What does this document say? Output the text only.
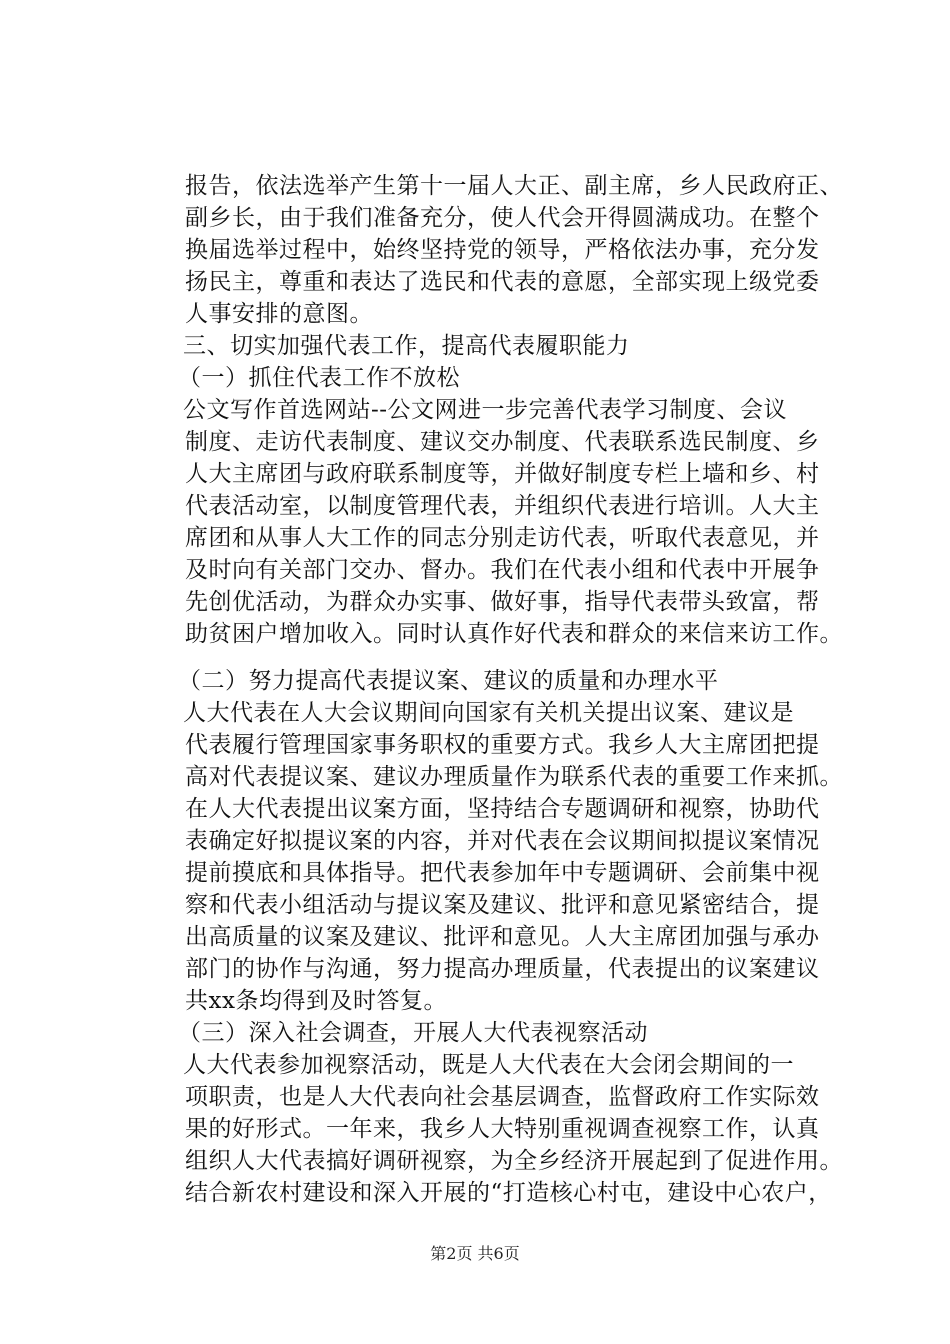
报告，依法选举产生第十一届人大正、副主席，乡人民政府正、
副乡长，由于我们准备充分，使人代会开得圆满成功。在整个
换届选举过程中，始终坚持党的领导，严格依法办事，充分发
扬民主，尊重和表达了选民和代表的意愿，全部实现上级党委
人事安排的意图。
三、切实加强代表工作，提高代表履职能力
（一）抓住代表工作不放松
公文写作首选网站--公文网进一步完善代表学习制度、会议
制度、走访代表制度、建议交办制度、代表联系选民制度、乡
人大主席团与政府联系制度等，并做好制度专栏上墙和乡、村
代表活动室，以制度管理代表，并组织代表进行培训。人大主
席团和从事人大工作的同志分别走访代表，听取代表意见，并
及时向有关部门交办、督办。我们在代表小组和代表中开展争
先创优活动，为群众办实事、做好事，指导代表带头致富，帮
助贫困户增加收入。同时认真作好代表和群众的来信来访工作。
（二）努力提高代表提议案、建议的质量和办理水平
人大代表在人大会议期间向国家有关机关提出议案、建议是
代表履行管理国家事务职权的重要方式。我乡人大主席团把提
高对代表提议案、建议办理质量作为联系代表的重要工作来抓。
在人大代表提出议案方面，坚持结合专题调研和视察，协助代
表确定好拟提议案的内容，并对代表在会议期间拟提议案情况
提前摸底和具体指导。把代表参加年中专题调研、会前集中视
察和代表小组活动与提议案及建议、批评和意见紧密结合，提
出高质量的议案及建议、批评和意见。人大主席团加强与承办
部门的协作与沟通，努力提高办理质量，代表提出的议案建议
共xx条均得到及时答复。
（三）深入社会调查，开展人大代表视察活动
人大代表参加视察活动，既是人大代表在大会闭会期间的一
项职责，也是人大代表向社会基层调查，监督政府工作实际效
果的好形式。一年来，我乡人大特别重视调查视察工作，认真
组织人大代表搞好调研视察，为全乡经济开展起到了促进作用。
结合新农村建设和深入开展的“打造核心村屯，建设中心农户，
第2页 共6页
